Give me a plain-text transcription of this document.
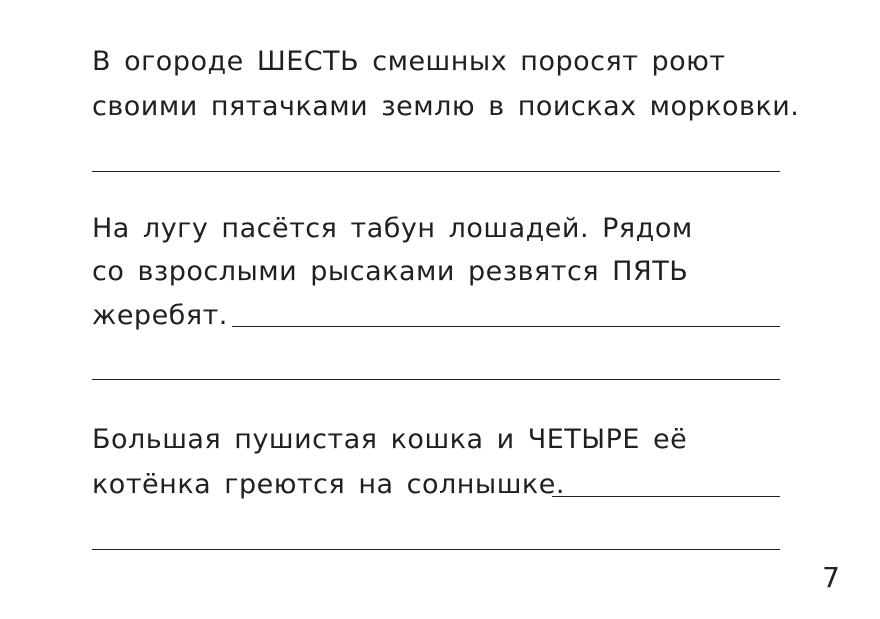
В огороде ШЕСТЬ смешных поросят роют

своими пятачками землю в поисках морковки.

На лугу пасётся табун лошадей. Рядом

со взрослыми рысаками резвятся ПЯТЬ

жеребят.

Большая пушистая кошка и ЧЕТЫРЕ её

котёнка греются на солнышке.

7
